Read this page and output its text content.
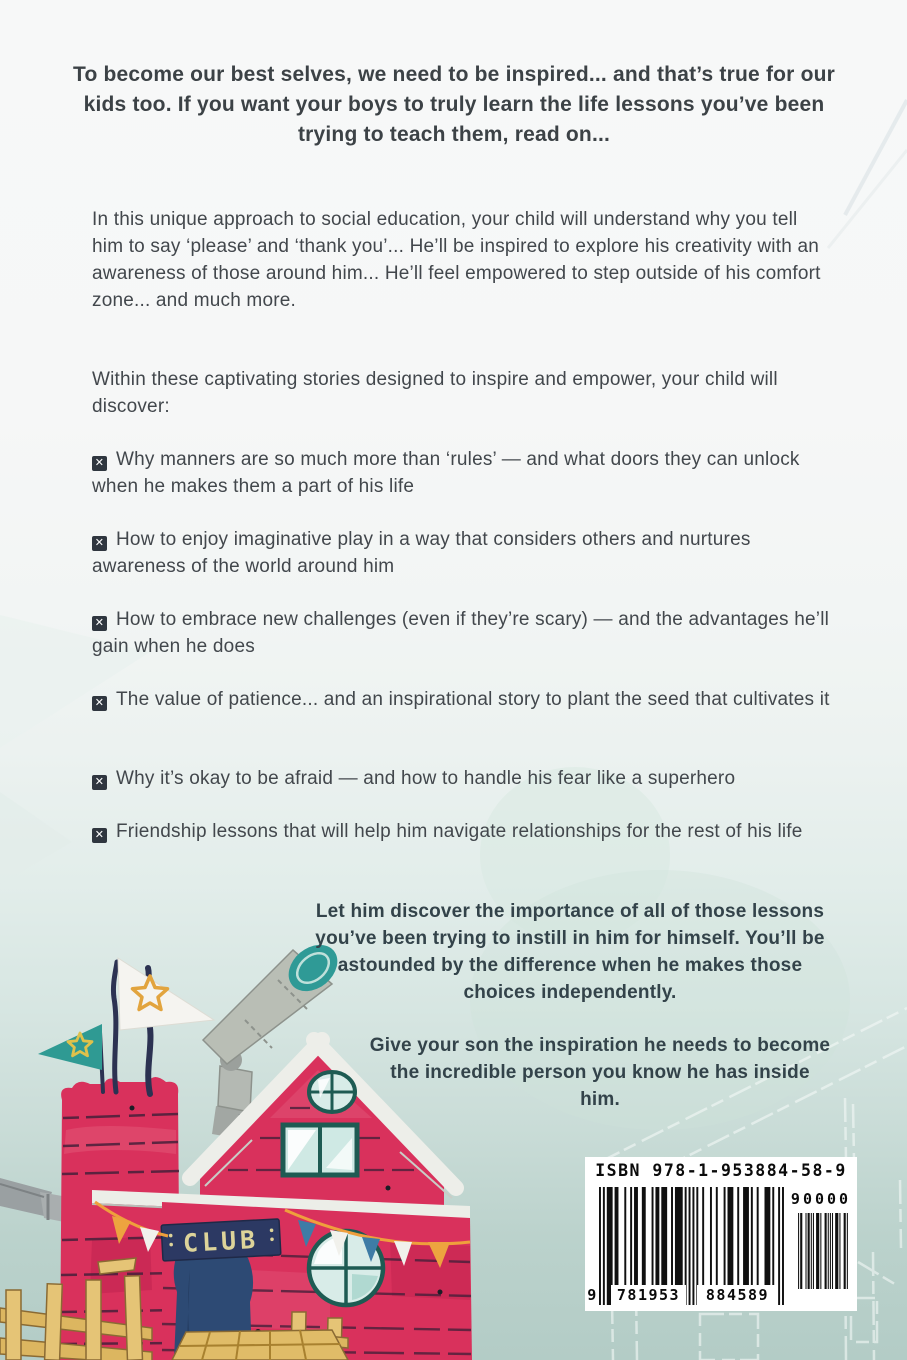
To become our best selves, we need to be inspired... and that’s true for our kids too. If you want your boys to truly learn the life lessons you’ve been trying to teach them, read on...
In this unique approach to social education, your child will understand why you tell him to say ‘please’ and ‘thank you’... He’ll be inspired to explore his creativity with an awareness of those around him... He’ll feel empowered to step outside of his comfort zone... and much more.
Within these captivating stories designed to inspire and empower, your child will discover:
✕ Why manners are so much more than ‘rules’ — and what doors they can unlock when he makes them a part of his life
✕ How to enjoy imaginative play in a way that considers others and nurtures awareness of the world around him
✕ How to embrace new challenges (even if they’re scary) — and the advantages he’ll gain when he does
✕ The value of patience... and an inspirational story to plant the seed that cultivates it
✕ Why it’s okay to be afraid — and how to handle his fear like a superhero
✕ Friendship lessons that will help him navigate relationships for the rest of his life
Let him discover the importance of all of those lessons you’ve been trying to instill in him for himself. You’ll be astounded by the difference when he makes those choices independently.
Give your son the inspiration he needs to become the incredible person you know he has inside him.
CLUB
ISBN 978-1-953884-58-9
90000
9	781953	884589
